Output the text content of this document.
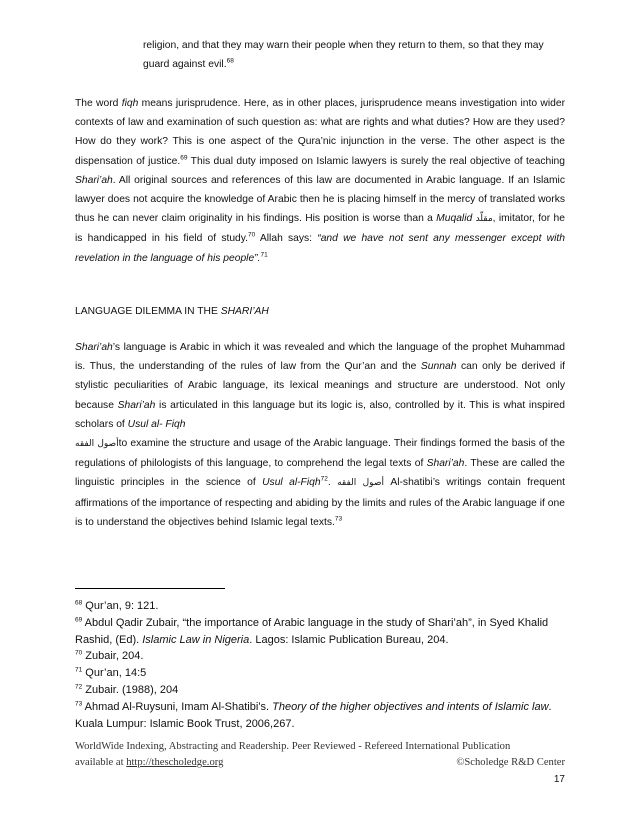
religion, and that they may warn their people when they return to them, so that they may guard against evil.$^{68}$
The word fiqh means jurisprudence. Here, as in other places, jurisprudence means investigation into wider contexts of law and examination of such question as: what are rights and what duties? How are they used? How do they work? This is one aspect of the Qura’nic injunction in the verse. The other aspect is the dispensation of justice.$^{69}$ This dual duty imposed on Islamic lawyers is surely the real objective of teaching Shari’ah. All original sources and references of this law are documented in Arabic language. If an Islamic lawyer does not acquire the knowledge of Arabic then he is placing himself in the mercy of translated works thus he can never claim originality in his findings. His position is worse than a Muqalid مقلّد, imitator, for he is handicapped in his field of study.$^{70}$ Allah says: “and we have not sent any messenger except with revelation in the language of his people”.$^{71}$
LANGUAGE DILEMMA IN THE SHARI’AH
Shari’ah’s language is Arabic in which it was revealed and which the language of the prophet Muhammad is. Thus, the understanding of the rules of law from the Qur’an and the Sunnah can only be derived if stylistic peculiarities of Arabic language, its lexical meanings and structure are understood. Not only because Shari’ah is articulated in this language but its logic is, also, controlled by it. This is what inspired scholars of Usul al- Fiqh
أصول الفقهto examine the structure and usage of the Arabic language. Their findings formed the basis of the regulations of philologists of this language, to comprehend the legal texts of Shari’ah. These are called the linguistic principles in the science of Usul al-Fiqh أصول الفقه .$^{72}$	Al-shatibi’s writings contain frequent affirmations of the importance of respecting and abiding by the limits and rules of the Arabic language if one is to understand the objectives behind Islamic legal texts.$^{73}$

$^{68}$ Qur’an, 9: 121.

$^{69}$ Abdul Qadir Zubair, “the importance of Arabic language in the study of Shari’ah”, in Syed Khalid Rashid, (Ed). Islamic Law in Nigeria. Lagos: Islamic Publication Bureau, 204.

$^{70}$ Zubair, 204.

$^{71}$ Qur’an, 14:5

$^{72}$ Zubair. (1988), 204

$^{73}$ Ahmad Al-Ruysuni, Imam Al-Shatibi’s. Theory of the higher objectives and intents of Islamic law. Kuala Lumpur: Islamic Book Trust, 2006,267.

WorldWide Indexing, Abstracting and Readership. Peer Reviewed - Refereed International Publication
available at http://thescholedge.org	©Scholedge R&D Center
17
